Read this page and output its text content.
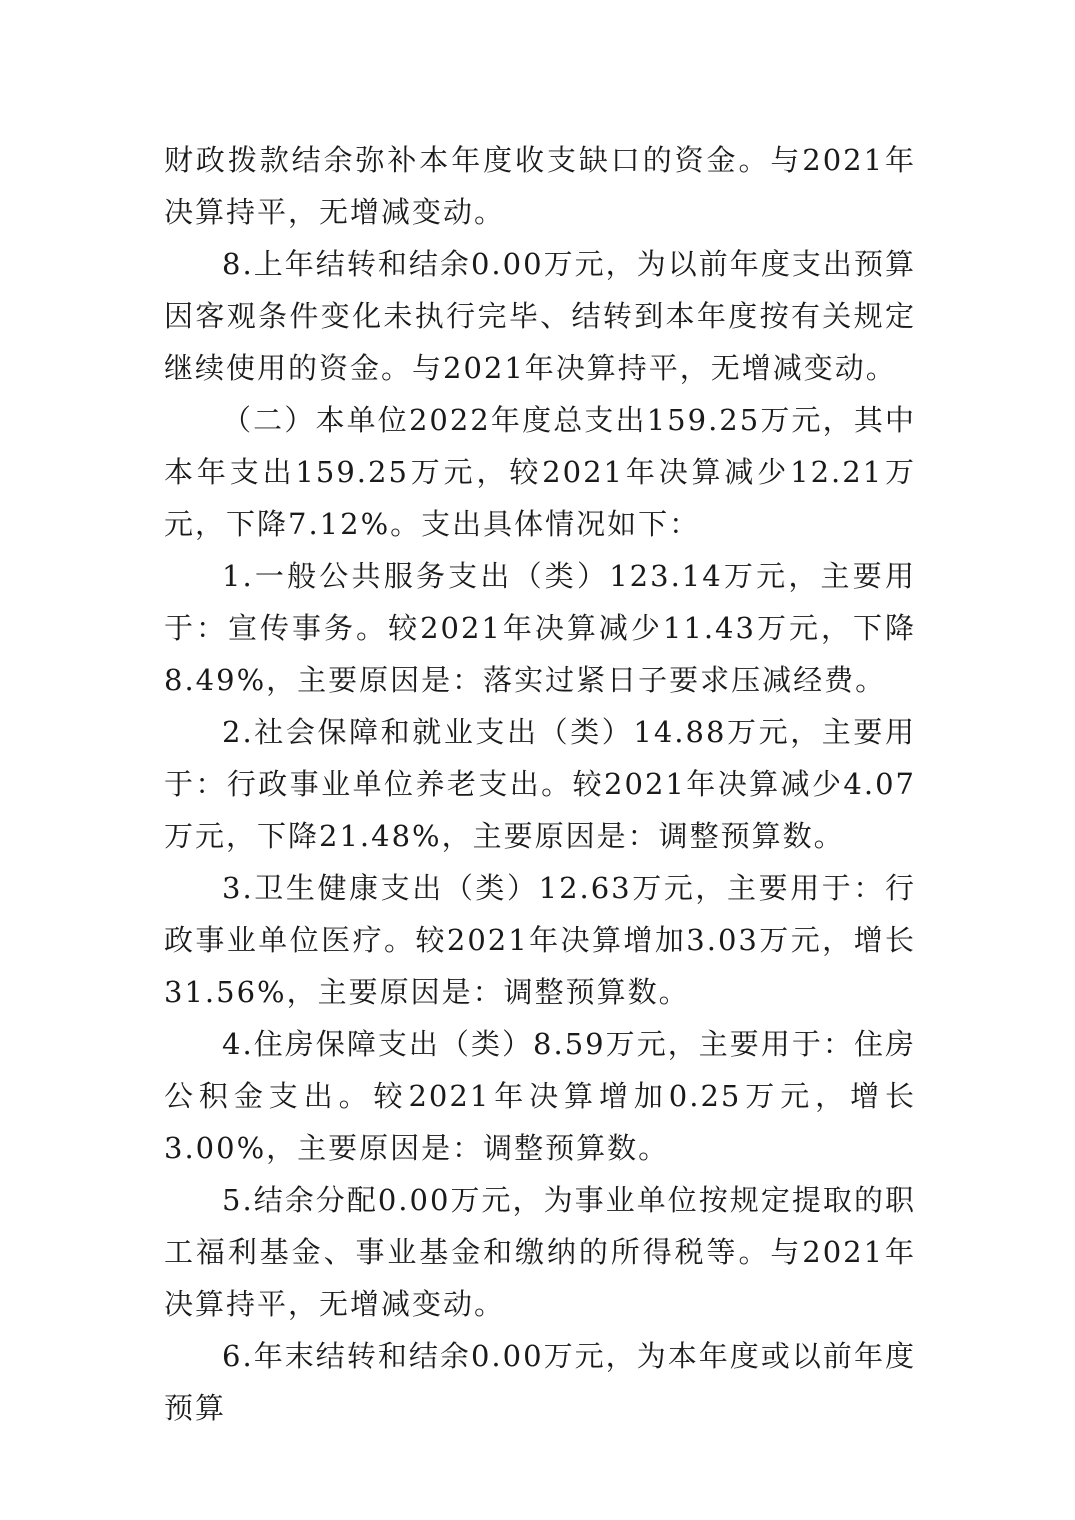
财政拨款结余弥补本年度收支缺口的资金。与2021年决算持平，无增减变动。

8.上年结转和结余0.00万元，为以前年度支出预算因客观条件变化未执行完毕、结转到本年度按有关规定继续使用的资金。与2021年决算持平，无增减变动。

（二）本单位2022年度总支出159.25万元，其中本年支出159.25万元，较2021年决算减少12.21万元，下降7.12%。支出具体情况如下：

1.一般公共服务支出（类）123.14万元，主要用于：宣传事务。较2021年决算减少11.43万元，下降8.49%，主要原因是：落实过紧日子要求压减经费。

2.社会保障和就业支出（类）14.88万元，主要用于：行政事业单位养老支出。较2021年决算减少4.07万元，下降21.48%，主要原因是：调整预算数。

3.卫生健康支出（类）12.63万元，主要用于：行政事业单位医疗。较2021年决算增加3.03万元，增长31.56%，主要原因是：调整预算数。

4.住房保障支出（类）8.59万元，主要用于：住房公积金支出。较2021年决算增加0.25万元，增长3.00%，主要原因是：调整预算数。

5.结余分配0.00万元，为事业单位按规定提取的职工福利基金、事业基金和缴纳的所得税等。与2021年决算持平，无增减变动。

6.年末结转和结余0.00万元，为本年度或以前年度预算
